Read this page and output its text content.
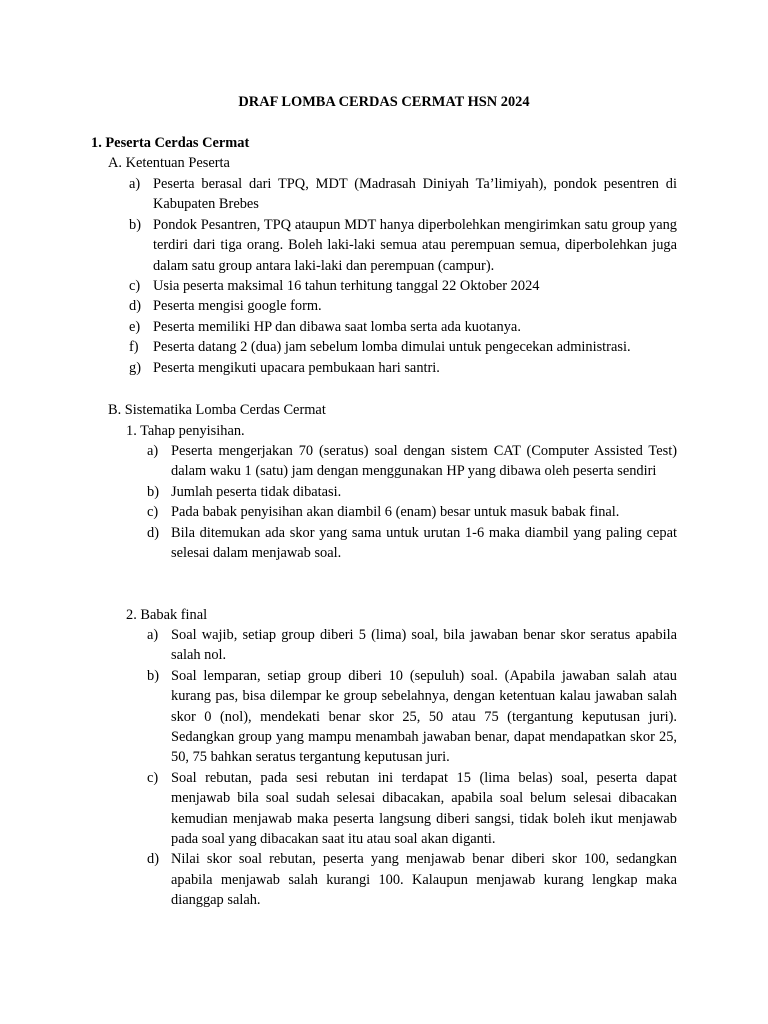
DRAF LOMBA CERDAS CERMAT HSN 2024
1. Peserta Cerdas Cermat
A. Ketentuan Peserta
a) Peserta berasal dari TPQ, MDT (Madrasah Diniyah Ta’limiyah), pondok pesentren di Kabupaten Brebes
b) Pondok Pesantren, TPQ ataupun MDT hanya diperbolehkan mengirimkan satu group yang terdiri dari tiga orang. Boleh laki-laki semua atau perempuan semua, diperbolehkan juga dalam satu group antara laki-laki dan perempuan (campur).
c) Usia peserta maksimal 16 tahun terhitung tanggal 22 Oktober 2024
d) Peserta mengisi google form.
e) Peserta memiliki HP dan dibawa saat lomba serta ada kuotanya.
f) Peserta datang 2 (dua) jam sebelum lomba dimulai untuk pengecekan administrasi.
g) Peserta mengikuti upacara pembukaan hari santri.
B. Sistematika Lomba Cerdas Cermat
1. Tahap penyisihan.
a) Peserta mengerjakan 70 (seratus) soal dengan sistem CAT (Computer Assisted Test) dalam waku 1 (satu) jam dengan menggunakan HP yang dibawa oleh peserta sendiri
b) Jumlah peserta tidak dibatasi.
c) Pada babak penyisihan akan diambil 6 (enam) besar untuk masuk babak final.
d) Bila ditemukan ada skor yang sama untuk urutan 1-6 maka diambil yang paling cepat selesai dalam menjawab soal.
2. Babak final
a) Soal wajib, setiap group diberi 5 (lima) soal, bila jawaban benar skor seratus apabila salah nol.
b) Soal lemparan, setiap group diberi 10 (sepuluh) soal. (Apabila jawaban salah atau kurang pas, bisa dilempar ke group sebelahnya, dengan ketentuan kalau jawaban salah skor 0 (nol), mendekati benar skor 25, 50 atau 75 (tergantung keputusan juri). Sedangkan group yang mampu menambah jawaban benar, dapat mendapatkan skor 25, 50, 75 bahkan seratus tergantung keputusan juri.
c) Soal rebutan, pada sesi rebutan ini terdapat 15 (lima belas) soal, peserta dapat menjawab bila soal sudah selesai dibacakan, apabila soal belum selesai dibacakan kemudian menjawab maka peserta langsung diberi sangsi, tidak boleh ikut menjawab pada soal yang dibacakan saat itu atau soal akan diganti.
d) Nilai skor soal rebutan, peserta yang menjawab benar diberi skor 100, sedangkan apabila menjawab salah kurangi 100. Kalaupun menjawab kurang lengkap maka dianggap salah.
